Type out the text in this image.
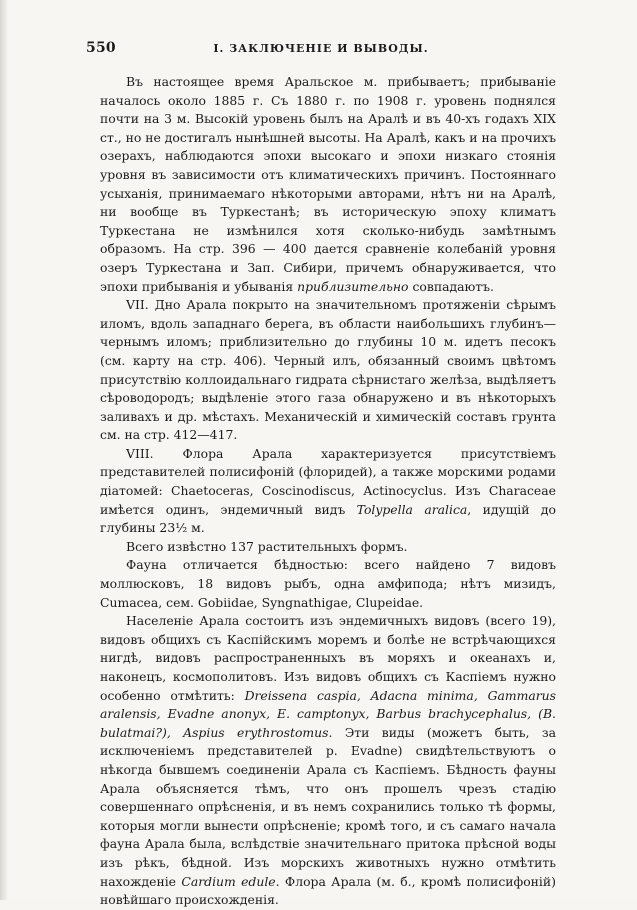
550	I. ЗАКЛЮЧЕНІЕ И ВЫВОДЫ.

Въ настоящее время Аральское м. прибываетъ; прибываніе началось около 1885 г. Съ 1880 г. по 1908 г. уровень поднялся почти на 3 м. Высокій уровень былъ на Аралѣ и въ 40-хъ годахъ XIX ст., но не достигалъ нынѣшней высоты. На Аралѣ, какъ и на прочихъ озерахъ, наблюдаются эпохи высокаго и эпохи низкаго стоянія уровня въ зависимости отъ климатическихъ причинъ. Постояннаго усыханія, принимаемаго нѣкоторыми авторами, нѣтъ ни на Аралѣ, ни вообще въ Туркестанѣ; въ историческую эпоху климатъ Туркестана не измѣнился хотя сколько-нибудь замѣтнымъ образомъ. На стр. 396 — 400 дается сравненіе колебаній уровня озеръ Туркестана и Зап. Сибири, причемъ обнаруживается, что эпохи прибыванія и убыванія приблизительно совпадаютъ.

VII. Дно Арала покрыто на значительномъ протяженіи сѣрымъ иломъ, вдоль западнаго берега, въ области наибольшихъ глубинъ—чернымъ иломъ; приблизительно до глубины 10 м. идетъ песокъ (см. карту на стр. 406). Черный илъ, обязанный своимъ цвѣтомъ присутствію коллоидальнаго гидрата сѣрнистаго желѣза, выдѣляетъ сѣроводородъ; выдѣленіе этого газа обнаружено и въ нѣкоторыхъ заливахъ и др. мѣстахъ. Механическій и химическій составъ грунта см. на стр. 412—417.

VIII. Флора Арала характеризуется присутствіемъ представителей полисифоній (флоридей), а также морскими родами діатомей: Chaetoceras, Coscinodiscus, Actinocyclus. Изъ Characeae имѣется одинъ, эндемичный видъ Tolypella aralica, идущій до глубины 23½ м.

Всего извѣстно 137 растительныхъ формъ.

Фауна отличается бѣдностью: всего найдено 7 видовъ моллюсковъ, 18 видовъ рыбъ, одна амфипода; нѣтъ мизидъ, Cumacea, сем. Gobiidae, Syngnathigae, Clupeidae.

Населеніе Арала состоитъ изъ эндемичныхъ видовъ (всего 19), видовъ общихъ съ Каспійскимъ моремъ и болѣе не встрѣчающихся нигдѣ, видовъ распространенныхъ въ моряхъ и океанахъ и, наконецъ, космополитовъ. Изъ видовъ общихъ съ Каспіемъ нужно особенно отмѣтить: Dreissena caspia, Adacna minima, Gammarus aralensis, Evadne anonyx, E. camptonyx, Barbus brachycephalus, (B. bulatmai?), Aspius erythrostomus. Эти виды (можетъ быть, за исключеніемъ представителей р. Evadne) свидѣтельствуютъ о нѣкогда бывшемъ соединеніи Арала съ Каспіемъ. Бѣдность фауны Арала объясняется тѣмъ, что онъ прошелъ чрезъ стадію совершеннаго опрѣсненія, и въ немъ сохранились только тѣ формы, которыя могли вынести опрѣсненіе; кромѣ того, и съ самаго начала фауна Арала была, вслѣдствіе значительнаго притока прѣсной воды изъ рѣкъ, бѣдной. Изъ морскихъ животныхъ нужно отмѣтить нахожденіе Cardium edule. Флора Арала (м. б., кромѣ полисифоній) новѣйшаго происхожденія.
